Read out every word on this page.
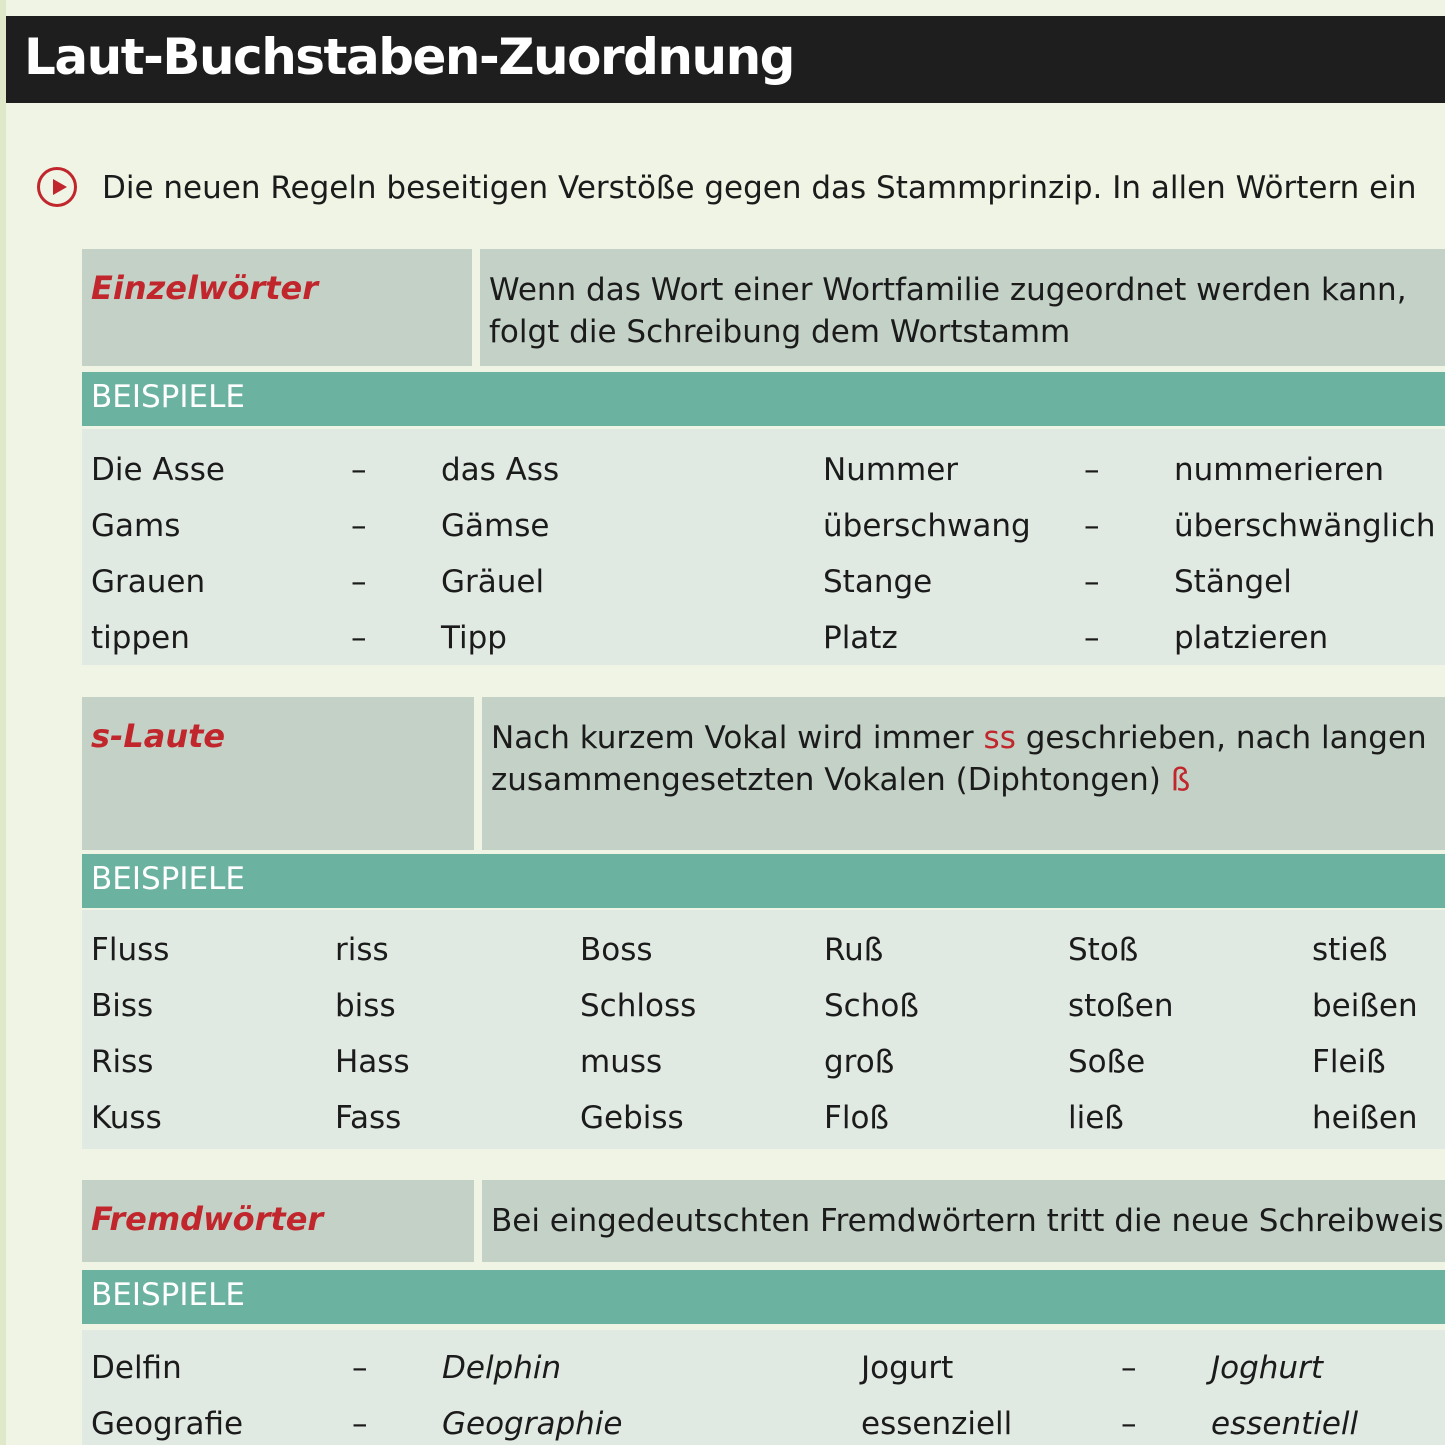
Laut-Buchstaben-Zuordnung
Die neuen Regeln beseitigen Verstöße gegen das Stammprinzip. In allen Wörtern ein
Einzelwörter	Wenn das Wort einer Wortfamilie zugeordnet werden kann,
folgt die Schreibung dem Wortstamm
BEISPIELE
Die Asse	– das Ass	Nummer	– nummerieren
Gams	– Gämse	überschwang – überschwänglich
Grauen	– Gräuel	Stange	– Stängel
tippen	– Tipp	Platz	– platzieren
s-Laute	Nach kurzem Vokal wird immer ss geschrieben, nach langen
zusammengesetzten Vokalen (Diphtongen) ß
BEISPIELE
Fluss	riss	Boss	Ruß	Stoß	stieß
Biss	biss	Schloss	Schoß	stoßen	beißen
Riss	Hass	muss	groß	Soße	Fleiß
Kuss	Fass	Gebiss	Floß	ließ	heißen
Fremdwörter	Bei eingedeutschten Fremdwörtern tritt die neue Schreibweis
BEISPIELE
Delfin	– Delphin	Jogurt	– Joghurt
Geografie	– Geographie	essenziell	– essentiell
